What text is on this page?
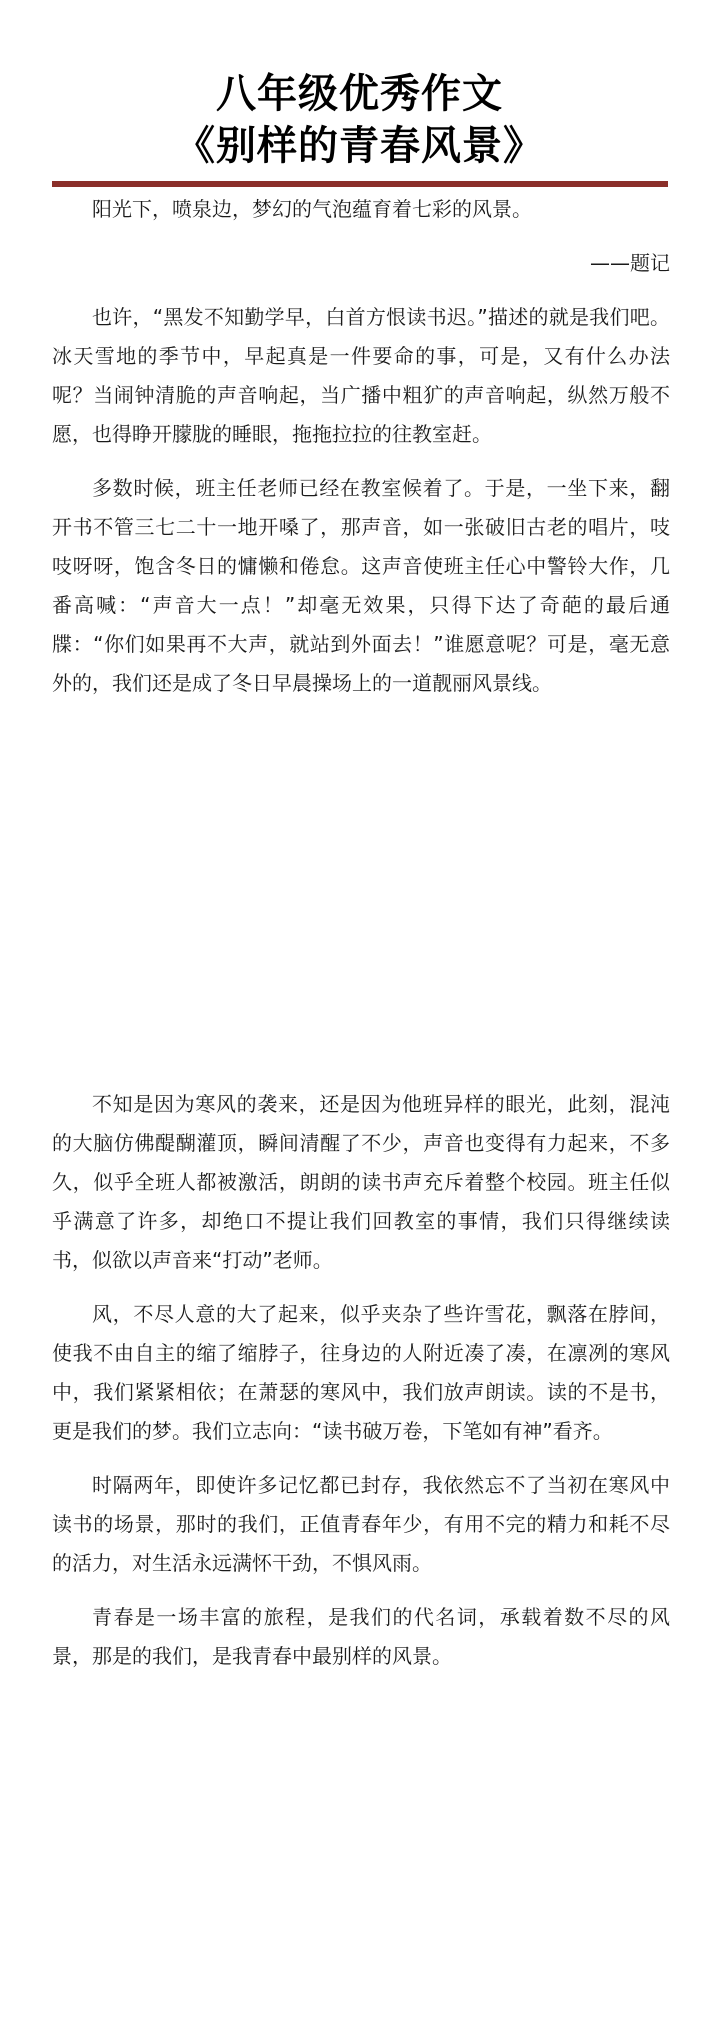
八年级优秀作文
《别样的青春风景》

阳光下，喷泉边，梦幻的气泡蕴育着七彩的风景。

——题记

也许，“黑发不知勤学早，白首方恨读书迟。”描述的就是我们吧。冰天雪地的季节中，早起真是一件要命的事，可是，又有什么办法呢？当闹钟清脆的声音响起，当广播中粗犷的声音响起，纵然万般不愿，也得睁开朦胧的睡眼，拖拖拉拉的往教室赶。

多数时候，班主任老师已经在教室候着了。于是，一坐下来，翻开书不管三七二十一地开嗓了，那声音，如一张破旧古老的唱片，吱吱呀呀，饱含冬日的慵懒和倦怠。这声音使班主任心中警铃大作，几番高喊：“声音大一点！”却毫无效果，只得下达了奇葩的最后通牒：“你们如果再不大声，就站到外面去！”谁愿意呢？可是，毫无意外的，我们还是成了冬日早晨操场上的一道靓丽风景线。

不知是因为寒风的袭来，还是因为他班异样的眼光，此刻，混沌的大脑仿佛醍醐灌顶，瞬间清醒了不少，声音也变得有力起来，不多久，似乎全班人都被激活，朗朗的读书声充斥着整个校园。班主任似乎满意了许多，却绝口不提让我们回教室的事情，我们只得继续读书，似欲以声音来“打动”老师。

风，不尽人意的大了起来，似乎夹杂了些许雪花，飘落在脖间，使我不由自主的缩了缩脖子，往身边的人附近凑了凑，在凛冽的寒风中，我们紧紧相依；在萧瑟的寒风中，我们放声朗读。读的不是书，更是我们的梦。我们立志向：“读书破万卷，下笔如有神”看齐。

时隔两年，即使许多记忆都已封存，我依然忘不了当初在寒风中读书的场景，那时的我们，正值青春年少，有用不完的精力和耗不尽的活力，对生活永远满怀干劲，不惧风雨。

青春是一场丰富的旅程，是我们的代名词，承载着数不尽的风景，那是的我们，是我青春中最别样的风景。
